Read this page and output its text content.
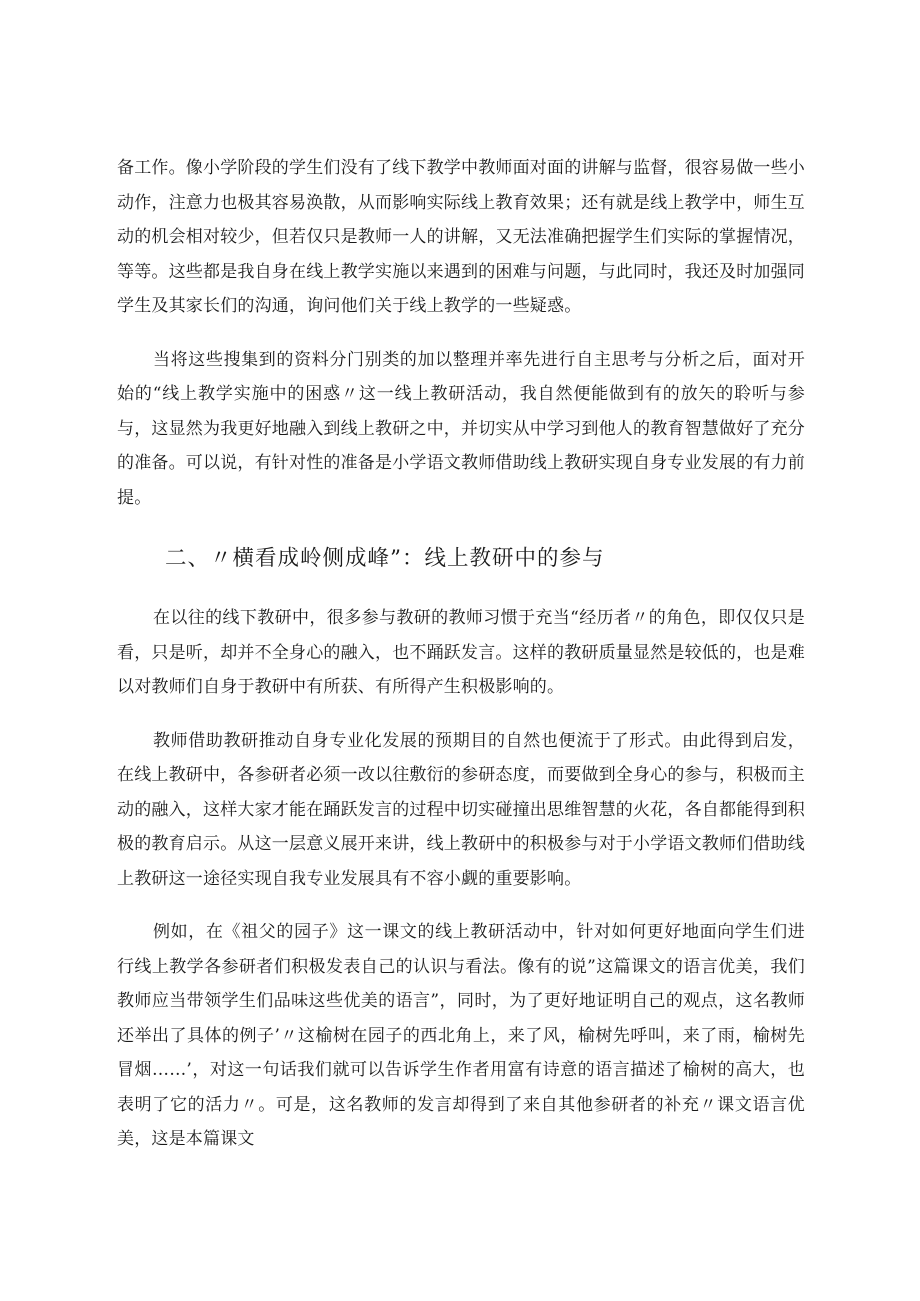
备工作。像小学阶段的学生们没有了线下教学中教师面对面的讲解与监督，很容易做一些小动作，注意力也极其容易涣散，从而影响实际线上教育效果；还有就是线上教学中，师生互动的机会相对较少，但若仅只是教师一人的讲解，又无法准确把握学生们实际的掌握情况，等等。这些都是我自身在线上教学实施以来遇到的困难与问题，与此同时，我还及时加强同学生及其家长们的沟通，询问他们关于线上教学的一些疑惑。

当将这些搜集到的资料分门别类的加以整理并率先进行自主思考与分析之后，面对开始的“线上教学实施中的困惑〃这一线上教研活动，我自然便能做到有的放矢的聆听与参与，这显然为我更好地融入到线上教研之中，并切实从中学习到他人的教育智慧做好了充分的准备。可以说，有针对性的准备是小学语文教师借助线上教研实现自身专业发展的有力前提。

二、〃横看成岭侧成峰”：线上教研中的参与

在以往的线下教研中，很多参与教研的教师习惯于充当“经历者〃的角色，即仅仅只是看，只是听，却并不全身心的融入，也不踊跃发言。这样的教研质量显然是较低的，也是难以对教师们自身于教研中有所获、有所得产生积极影响的。

教师借助教研推动自身专业化发展的预期目的自然也便流于了形式。由此得到启发，在线上教研中，各参研者必须一改以往敷衍的参研态度，而要做到全身心的参与，积极而主动的融入，这样大家才能在踊跃发言的过程中切实碰撞出思维智慧的火花，各自都能得到积极的教育启示。从这一层意义展开来讲，线上教研中的积极参与对于小学语文教师们借助线上教研这一途径实现自我专业发展具有不容小觑的重要影响。

例如，在《祖父的园子》这一课文的线上教研活动中，针对如何更好地面向学生们进行线上教学各参研者们积极发表自己的认识与看法。像有的说”这篇课文的语言优美，我们教师应当带领学生们品味这些优美的语言”，同时，为了更好地证明自己的观点，这名教师还举出了具体的例子’〃这榆树在园子的西北角上，来了风，榆树先呼叫，来了雨，榆树先冒烟……’，对这一句话我们就可以告诉学生作者用富有诗意的语言描述了榆树的高大，也表明了它的活力〃。可是，这名教师的发言却得到了来自其他参研者的补充〃课文语言优美，这是本篇课文
